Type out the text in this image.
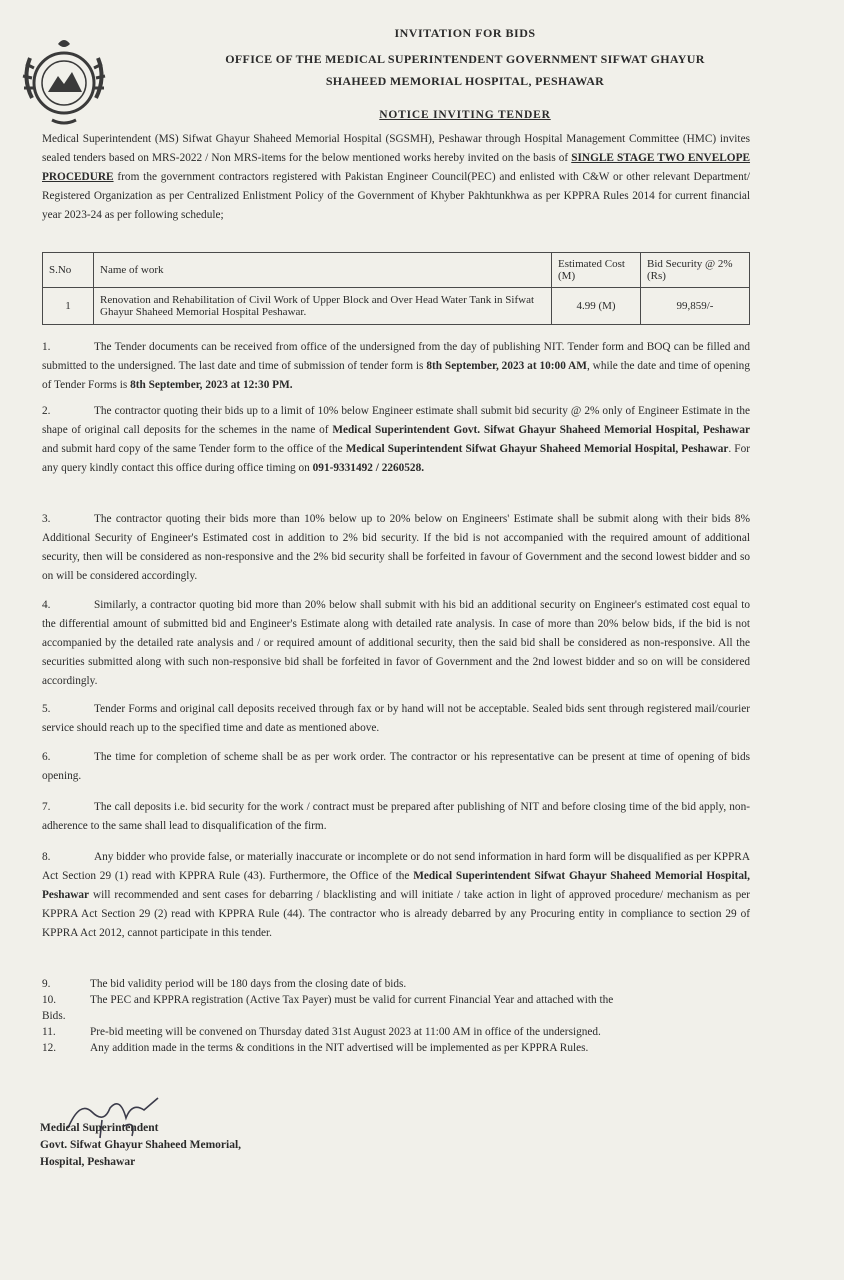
INVITATION FOR BIDS

OFFICE OF THE MEDICAL SUPERINTENDENT GOVERNMENT SIFWAT GHAYUR

SHAHEED MEMORIAL HOSPITAL, PESHAWAR

NOTICE INVITING TENDER

Medical Superintendent (MS) Sifwat Ghayur Shaheed Memorial Hospital (SGSMH), Peshawar through Hospital Management Committee (HMC) invites sealed tenders based on MRS-2022 / Non MRS-items for the below mentioned works hereby invited on the basis of SINGLE STAGE TWO ENVELOPE PROCEDURE from the government contractors registered with Pakistan Engineer Council(PEC) and enlisted with C&W or other relevant Department/ Registered Organization as per Centralized Enlistment Policy of the Government of Khyber Pakhtunkhwa as per KPPRA Rules 2014 for current financial year 2023-24 as per following schedule;

S.No	Name of work	Estimated Cost (M)	Bid Security @ 2% (Rs)
1	Renovation and Rehabilitation of Civil Work of Upper Block and Over Head Water Tank in Sifwat Ghayur Shaheed Memorial Hospital Peshawar.	4.99 (M)	99,859/-

1.	The Tender documents can be received from office of the undersigned from the day of publishing NIT. Tender form and BOQ can be filled and submitted to the undersigned. The last date and time of submission of tender form is 8th September, 2023 at 10:00 AM, while the date and time of opening of Tender Forms is 8th September, 2023 at 12:30 PM.

2.	The contractor quoting their bids up to a limit of 10% below Engineer estimate shall submit bid security @ 2% only of Engineer Estimate in the shape of original call deposits for the schemes in the name of Medical Superintendent Govt. Sifwat Ghayur Shaheed Memorial Hospital, Peshawar and submit hard copy of the same Tender form to the office of the Medical Superintendent Sifwat Ghayur Shaheed Memorial Hospital, Peshawar. For any query kindly contact this office during office timing on 091-9331492 / 2260528.

3.	The contractor quoting their bids more than 10% below up to 20% below on Engineers' Estimate shall be submit along with their bids 8% Additional Security of Engineer's Estimated cost in addition to 2% bid security. If the bid is not accompanied with the required amount of additional security, then will be considered as non-responsive and the 2% bid security shall be forfeited in favour of Government and the second lowest bidder and so on will be considered accordingly.

4.	Similarly, a contractor quoting bid more than 20% below shall submit with his bid an additional security on Engineer's estimated cost equal to the differential amount of submitted bid and Engineer's Estimate along with detailed rate analysis. In case of more than 20% below bids, if the bid is not accompanied by the detailed rate analysis and / or required amount of additional security, then the said bid shall be considered as non-responsive. All the securities submitted along with such non-responsive bid shall be forfeited in favor of Government and the 2nd lowest bidder and so on will be considered accordingly.

5.	Tender Forms and original call deposits received through fax or by hand will not be acceptable. Sealed bids sent through registered mail/courier service should reach up to the specified time and date as mentioned above.

6.	The time for completion of scheme shall be as per work order. The contractor or his representative can be present at time of opening of bids opening.

7.	The call deposits i.e. bid security for the work / contract must be prepared after publishing of NIT and before closing time of the bid apply, non-adherence to the same shall lead to disqualification of the firm.

8.	Any bidder who provide false, or materially inaccurate or incomplete or do not send information in hard form will be disqualified as per KPPRA Act Section 29 (1) read with KPPRA Rule (43). Furthermore, the Office of the Medical Superintendent Sifwat Ghayur Shaheed Memorial Hospital, Peshawar will recommended and sent cases for debarring / blacklisting and will initiate / take action in light of approved procedure/ mechanism as per KPPRA Act Section 29 (2) read with KPPRA Rule (44). The contractor who is already debarred by any Procuring entity in compliance to section 29 of KPPRA Act 2012, cannot participate in this tender.

9.	The bid validity period will be 180 days from the closing date of bids.

10. Bids.
The PEC and KPPRA registration (Active Tax Payer) must be valid for current Financial Year and attached with the

11.	Pre-bid meeting will be convened on Thursday dated 31st August 2023 at 11:00 AM in office of the undersigned.

12.	Any addition made in the terms & conditions in the NIT advertised will be implemented as per KPPRA Rules.

Medical Superintendent
Govt. Sifwat Ghayur Shaheed Memorial,
Hospital, Peshawar
